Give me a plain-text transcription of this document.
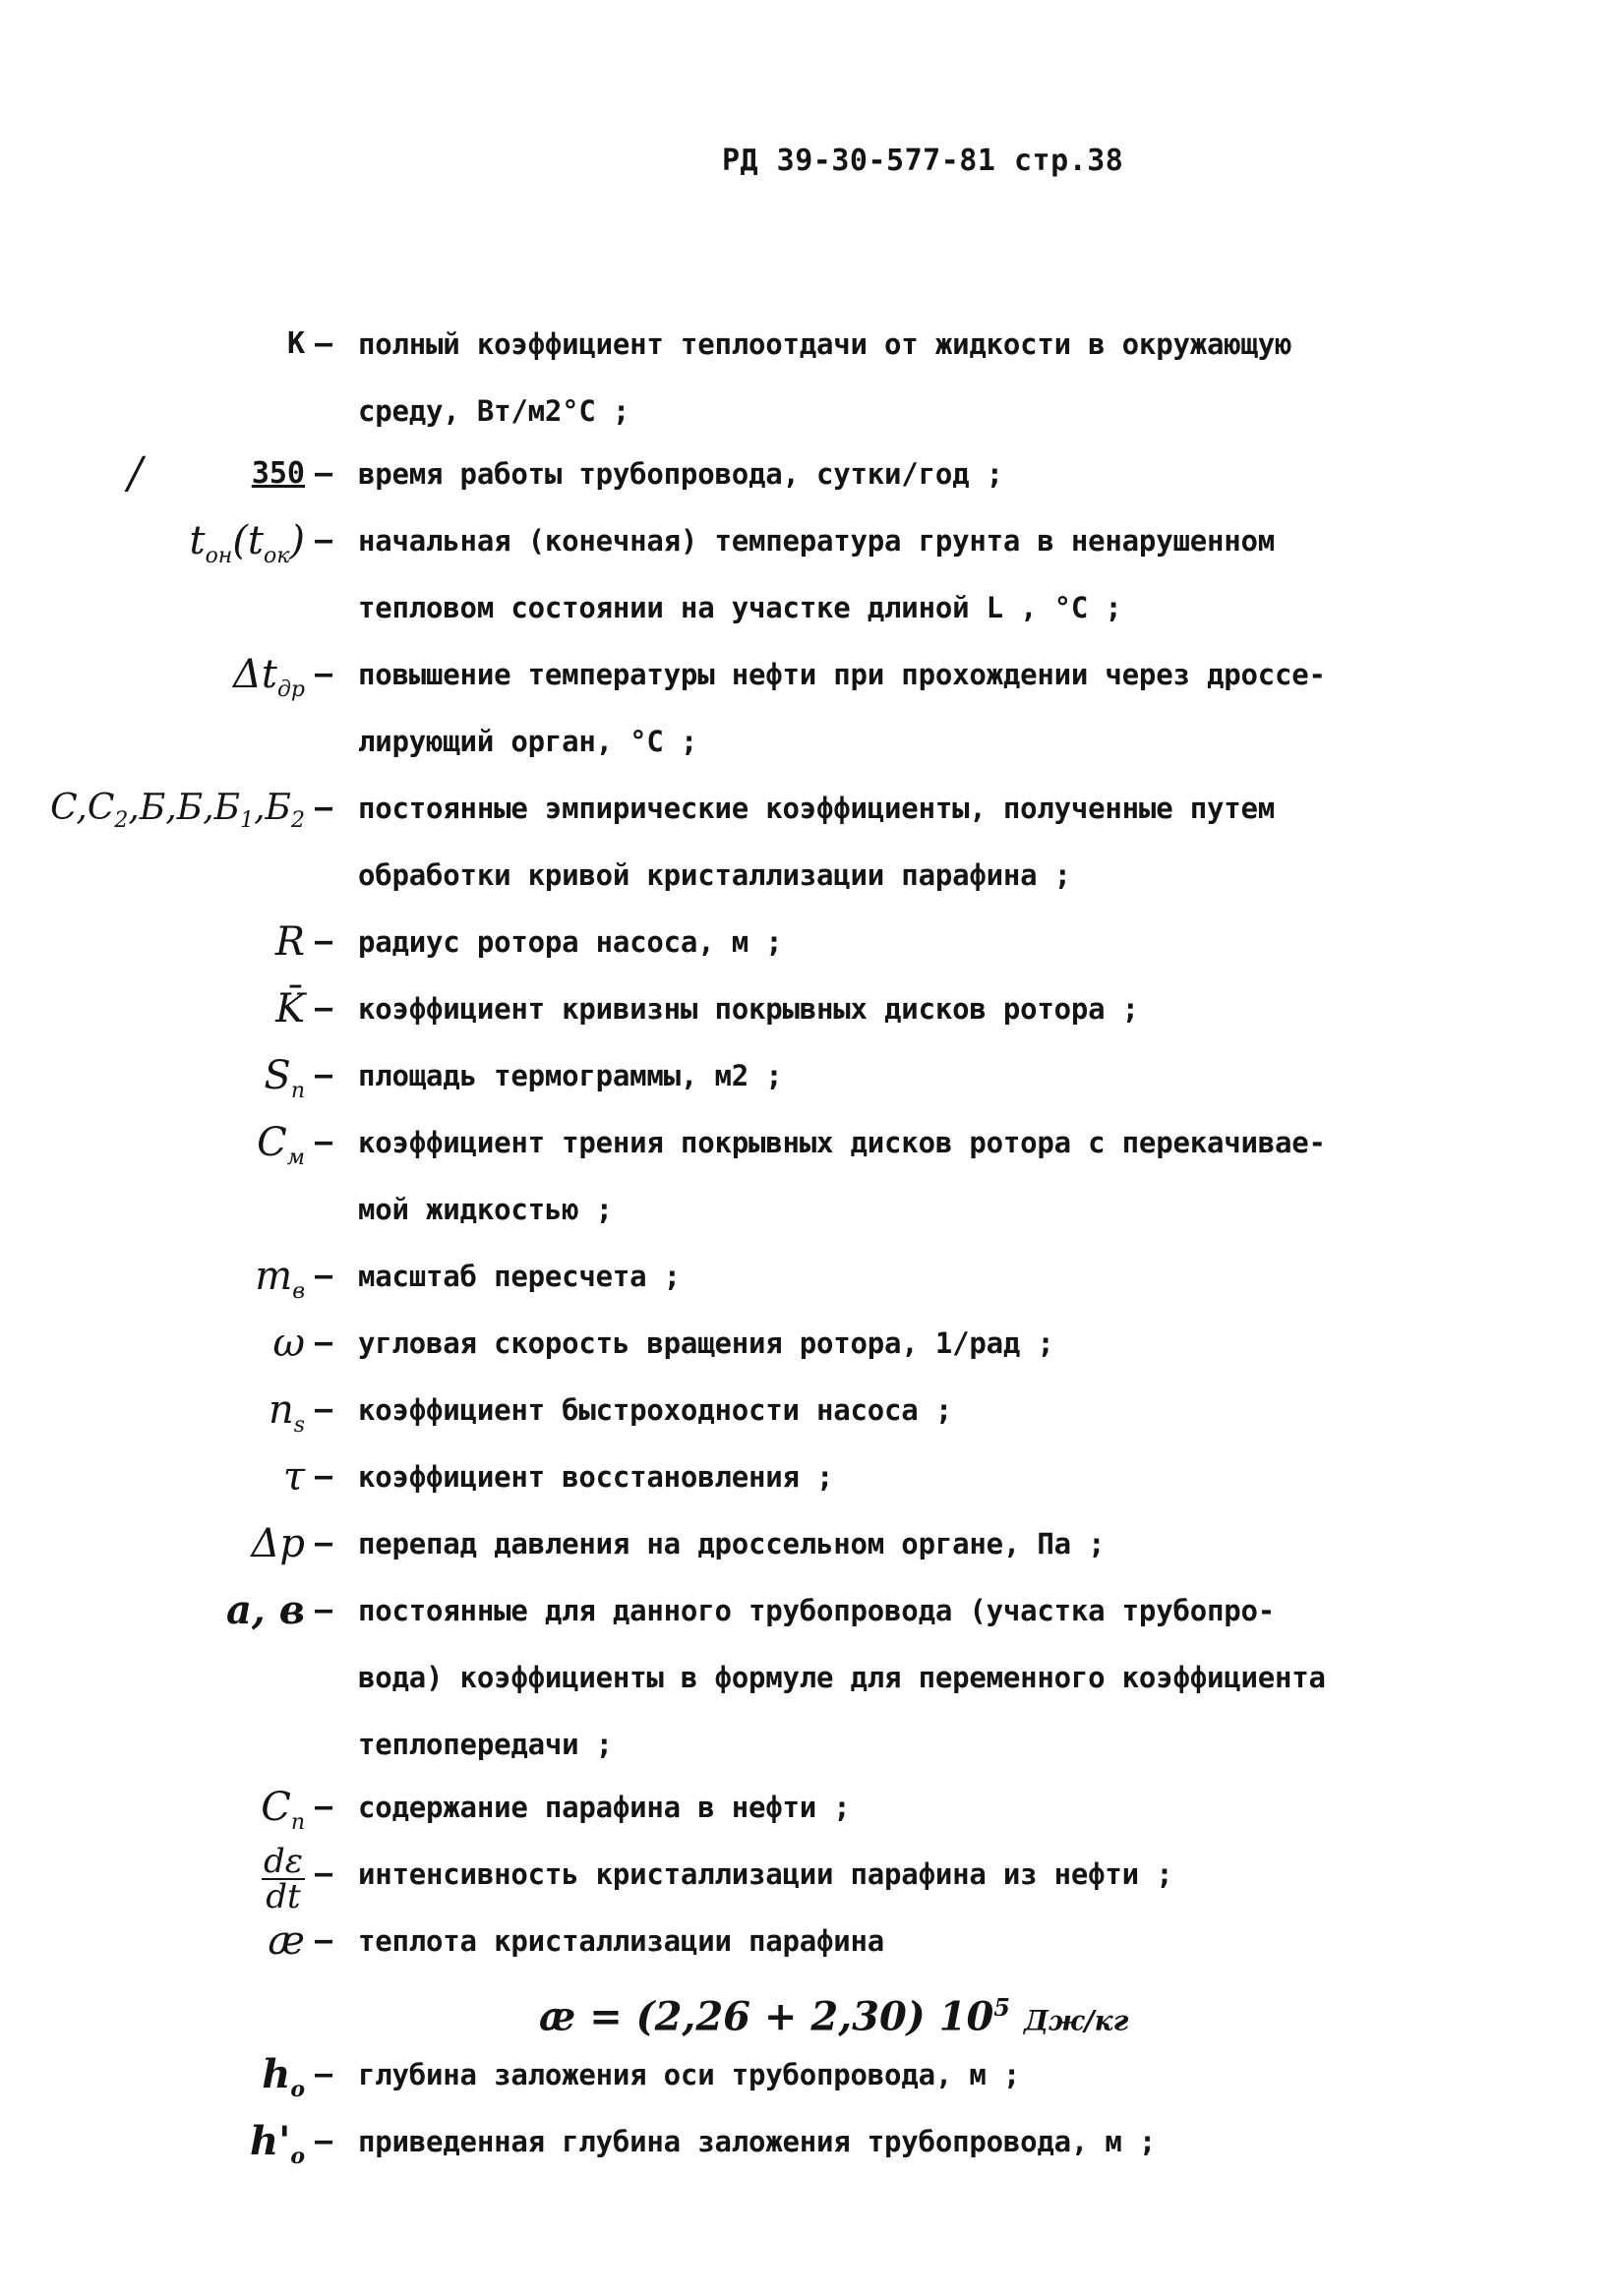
РД 39-30-577-81 стр.38
/
К – полный коэффициент теплоотдачи от жидкости в окружающую
среду, Вт/м2°С ;
350 – время работы трубопровода, сутки/год ;
$t_{он}(t_{ок})$ – начальная (конечная) температура грунта в ненарушенном
тепловом состоянии на участке длиной L , °С ;
$\Delta t_{др}$ – повышение температуры нефти при прохождении через дроссе-
лирующий орган, °С ;
$C,C_2,Б,Б,Б_1,Б_2$ – постоянные эмпирические коэффициенты, полученные путем
обработки кривой кристаллизации парафина ;
R – радиус ротора насоса, м ;
K̄ – коэффициент кривизны покрывных дисков ротора ;
$S_п$ – площадь термограммы, м2 ;
$C_м$ – коэффициент трения покрывных дисков ротора с перекачивае-
мой жидкостью ;
$m_в$ – масштаб пересчета ;
ω – угловая скорость вращения ротора, 1/рад ;
$n_s$ – коэффициент быстроходности насоса ;
τ – коэффициент восстановления ;
Δp – перепад давления на дроссельном органе, Па ;
a, в – постоянные для данного трубопровода (участка трубопро-
вода) коэффициенты в формуле для переменного коэффициента
теплопередачи ;
$C_п$ – содержание парафина в нефти ;
$\frac{d\varepsilon}{dt}$ – интенсивность кристаллизации парафина из нефти ;
æ – теплота кристаллизации парафина
æ = (2,26 + 2,30) $10^5$ Дж/кг
$h_о$ – глубина заложения оси трубопровода, м ;
$h'_о$ – приведенная глубина заложения трубопровода, м ;
